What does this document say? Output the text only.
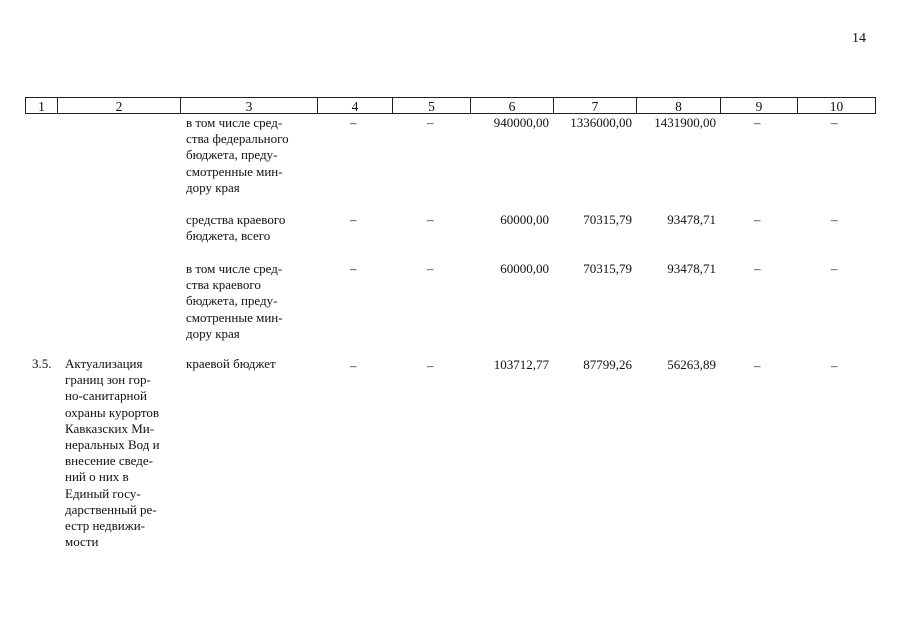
14
1	2	3	4	5	6	7	8	9	10
в том числе сред-
ства федерального
бюджета, преду-
смотренные мин-
дору края
–	–	940000,00 1336000,00 1431900,00	–	–
средства краевого
бюджета, всего
–	–	60000,00	70315,79	93478,71	–	–
в том числе сред-
ства краевого
бюджета, преду-
смотренные мин-
дору края
–	–	60000,00	70315,79	93478,71	–	–
3.5. Актуализация
границ зон гор-
но-санитарной
охраны курортов
Кавказских Ми-
неральных Вод и
внесение сведе-
ний о них в
Единый госу-
дарственный ре-
естр недвижи-
мости
краевой бюджет	–	–	103712,77	87799,26	56263,89	–	–
